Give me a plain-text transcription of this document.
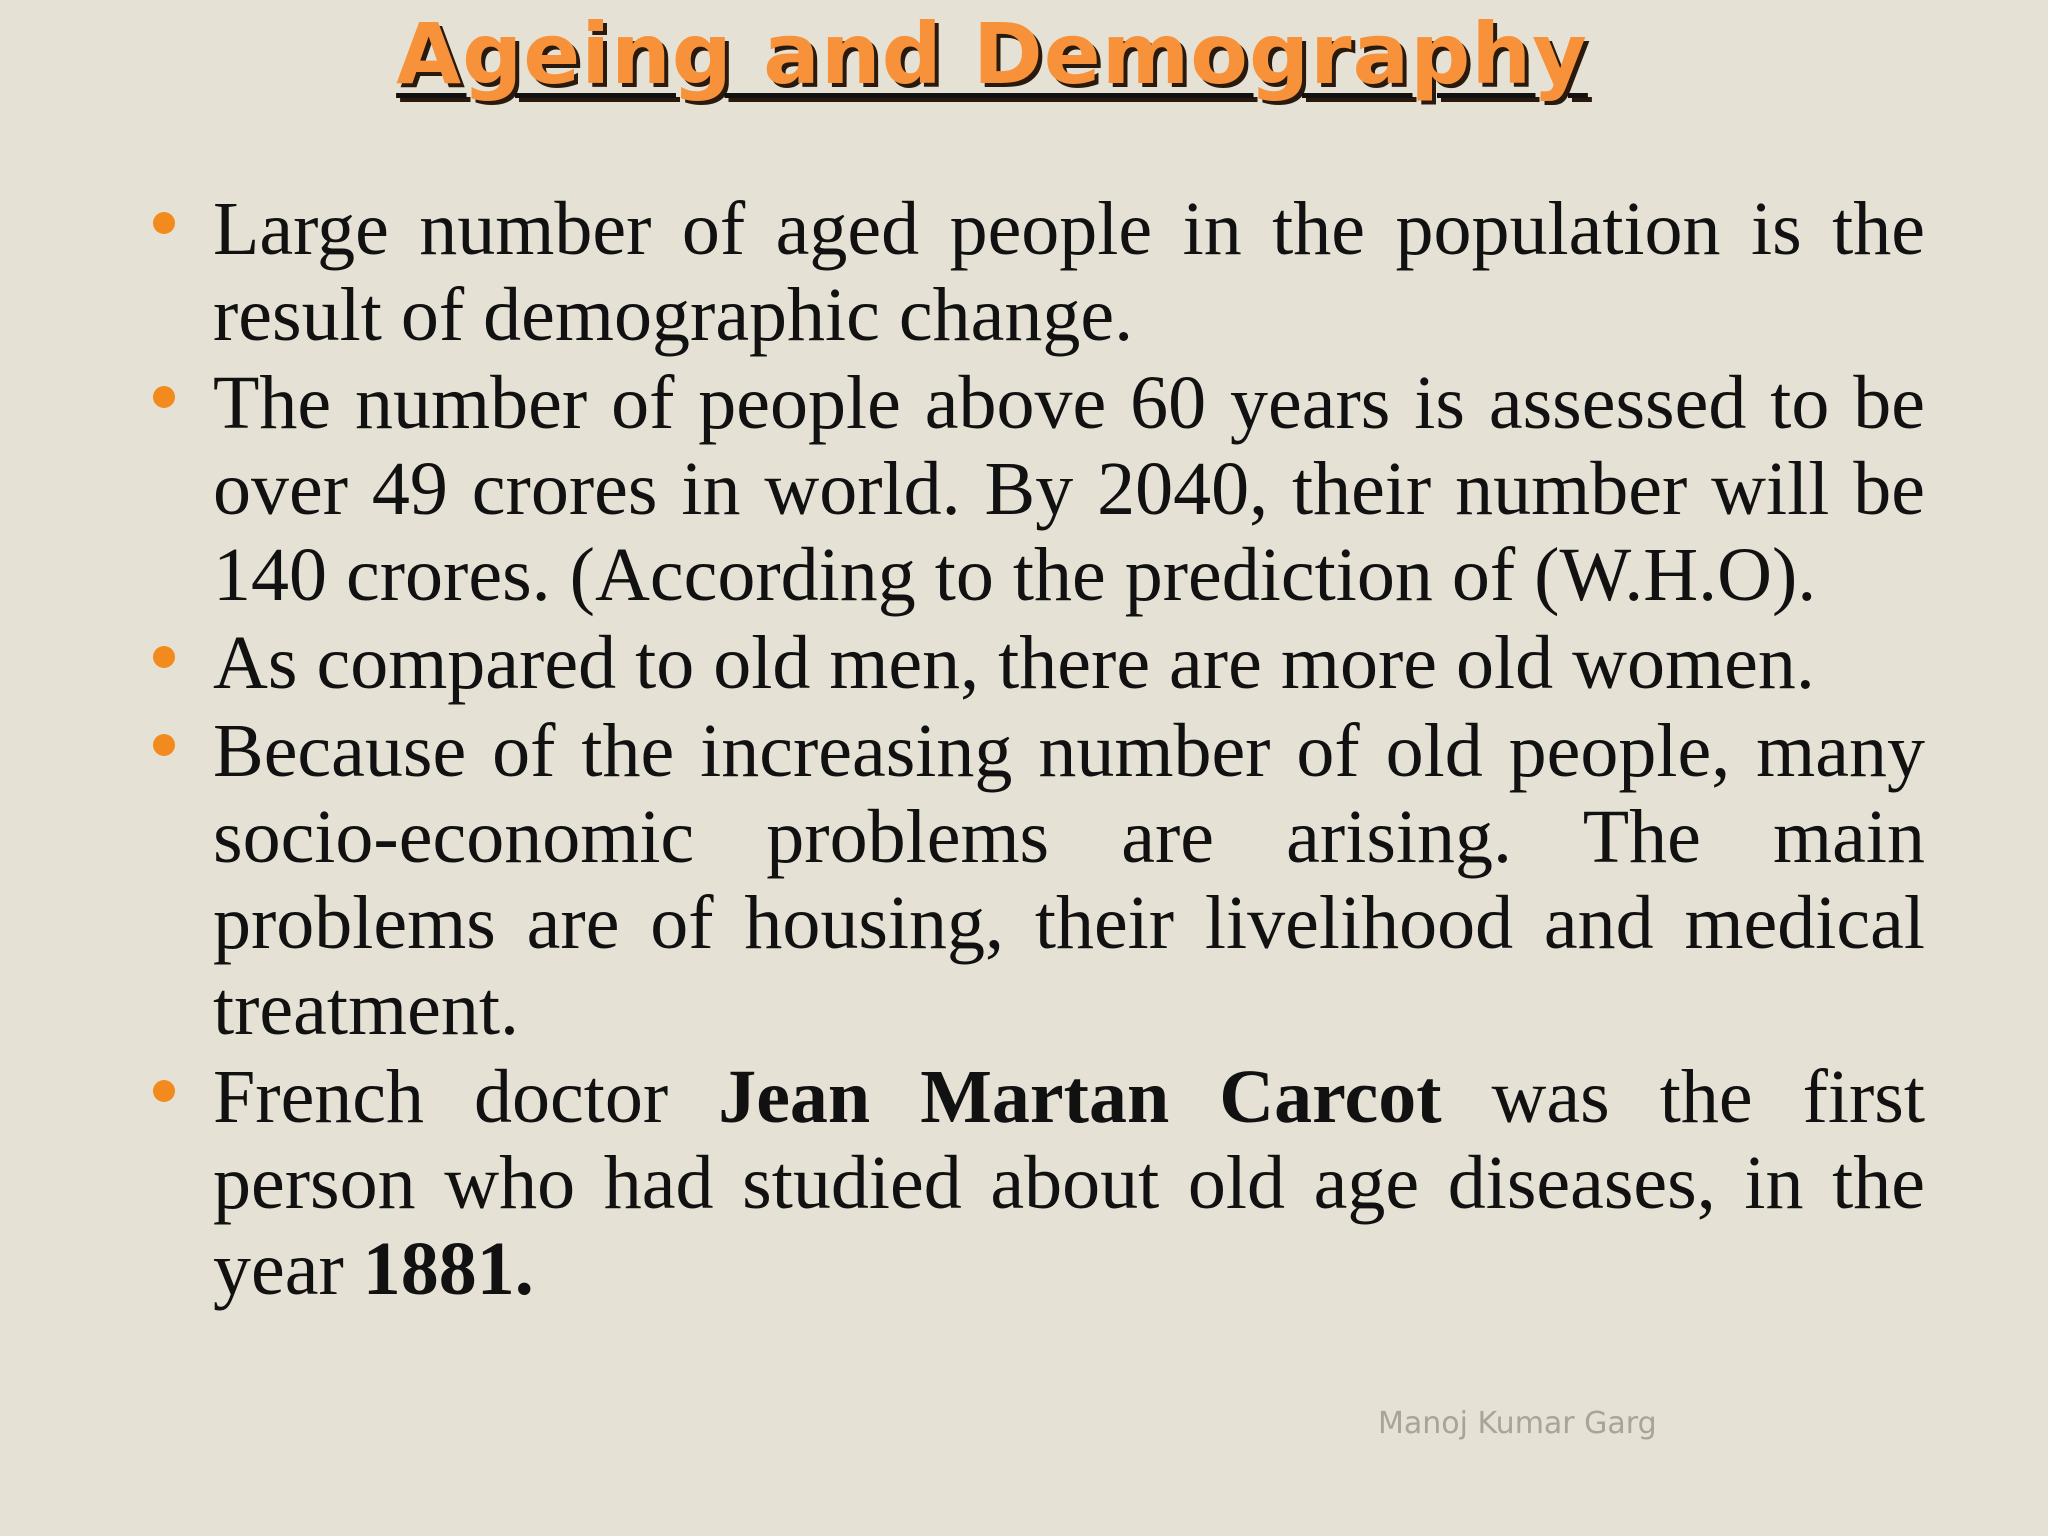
Ageing and Demography
Large number of aged people in the population is the result of demographic change.
The number of people above 60 years is assessed to be over 49 crores in world. By 2040, their number will be 140 crores. (According to the prediction of (W.H.O).
As compared to old men, there are more old women.
Because of the increasing number of old people, many socio-economic problems are arising. The main problems are of housing, their livelihood and medical treatment.
French doctor Jean Martan Carcot was the first person who had studied about old age diseases, in the year 1881.

Manoj Kumar Garg
